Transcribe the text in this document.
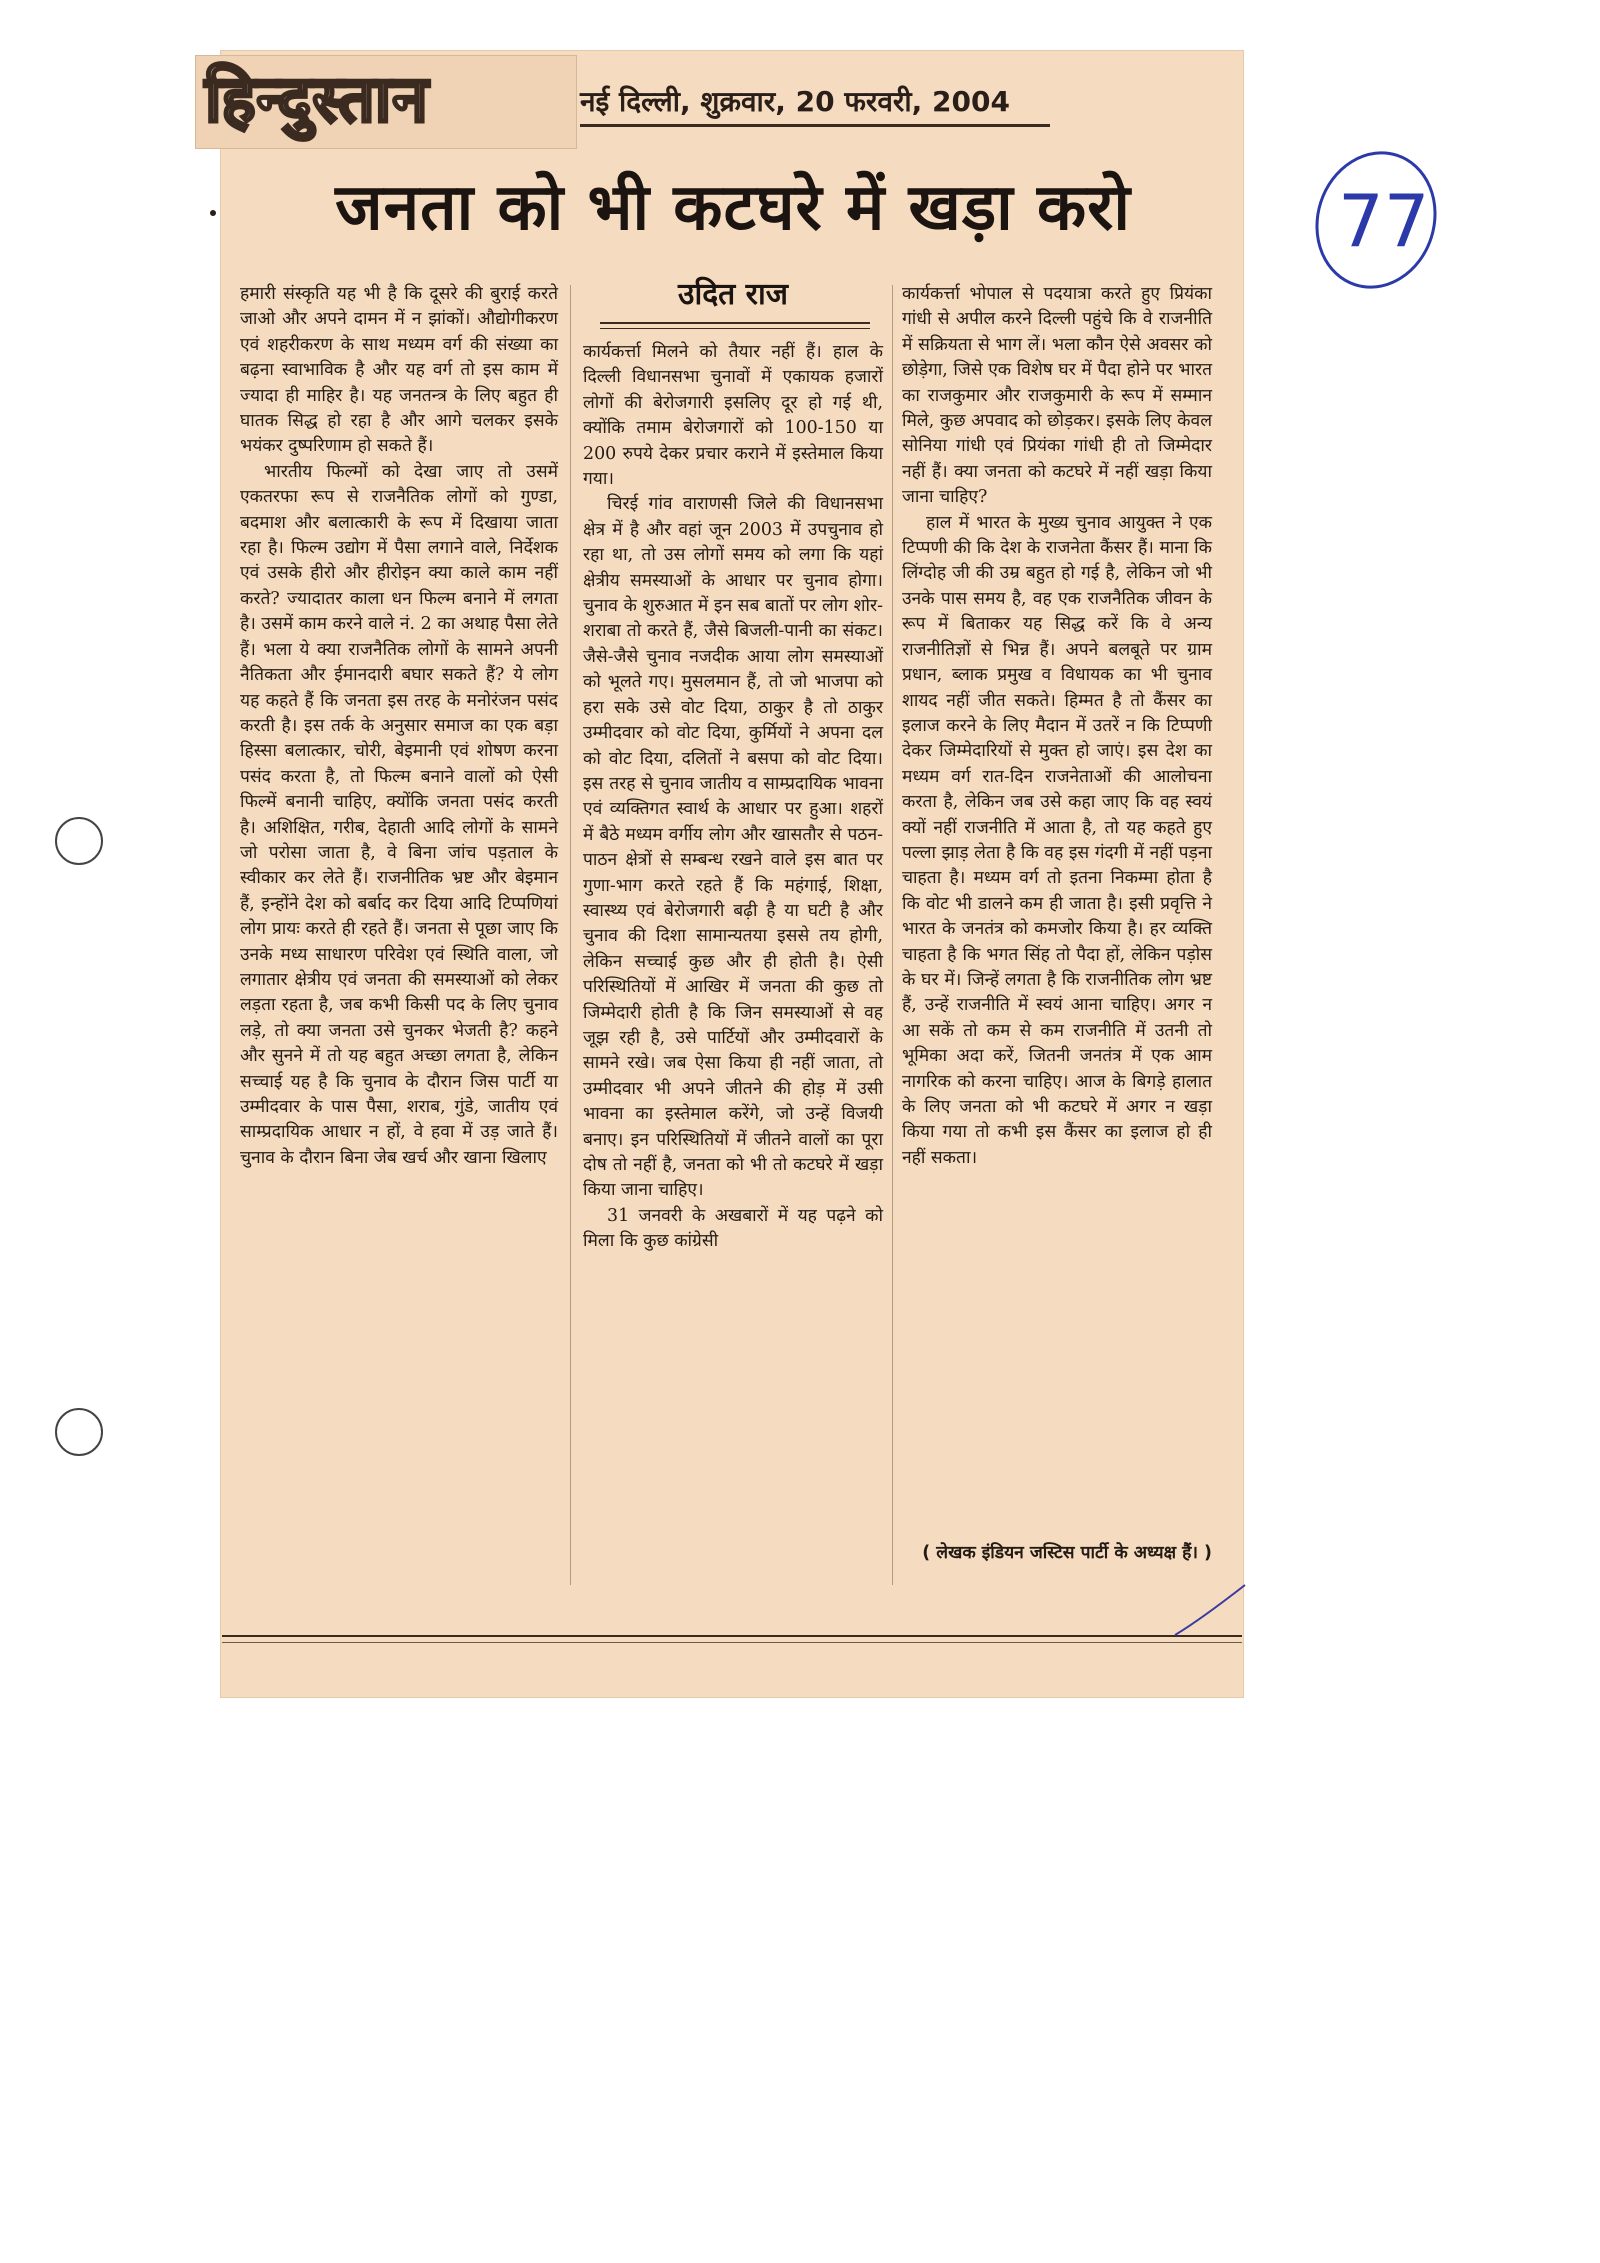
हिन्दुस्तान	नई दिल्ली, शुक्रवार, 20 फरवरी, 2004
जनता को भी कटघरे में खड़ा करो

हमारी संस्कृति यह भी है कि दूसरे की बुराई करते जाओ और अपने दामन में न झांकों। औद्योगीकरण एवं शहरीकरण के साथ मध्यम वर्ग की संख्या का बढ़ना स्वाभाविक है और यह वर्ग तो इस काम में ज्यादा ही माहिर है। यह जनतन्त्र के लिए बहुत ही घातक सिद्ध हो रहा है और आगे चलकर इसके भयंकर दुष्परिणाम हो सकते हैं।

भारतीय फिल्मों को देखा जाए तो उसमें एकतरफा रूप से राजनैतिक लोगों को गुण्डा, बदमाश और बलात्कारी के रूप में दिखाया जाता रहा है। फिल्म उद्योग में पैसा लगाने वाले, निर्देशक एवं उसके हीरो और हीरोइन क्या काले काम नहीं करते? ज्यादातर काला धन फिल्म बनाने में लगता है। उसमें काम करने वाले नं. 2 का अथाह पैसा लेते हैं। भला ये क्या राजनैतिक लोगों के सामने अपनी नैतिकता और ईमानदारी बघार सकते हैं? ये लोग यह कहते हैं कि जनता इस तरह के मनोरंजन पसंद करती है। इस तर्क के अनुसार समाज का एक बड़ा हिस्सा बलात्कार, चोरी, बेइमानी एवं शोषण करना पसंद करता है, तो फिल्म बनाने वालों को ऐसी फिल्में बनानी चाहिए, क्योंकि जनता पसंद करती है। अशिक्षित, गरीब, देहाती आदि लोगों के सामने जो परोसा जाता है, वे बिना जांच पड़ताल के स्वीकार कर लेते हैं। राजनीतिक भ्रष्ट और बेइमान हैं, इन्होंने देश को बर्बाद कर दिया आदि टिप्पणियां लोग प्रायः करते ही रहते हैं। जनता से पूछा जाए कि उनके मध्य साधारण परिवेश एवं स्थिति वाला, जो लगातार क्षेत्रीय एवं जनता की समस्याओं को लेकर लड़ता रहता है, जब कभी किसी पद के लिए चुनाव लड़े, तो क्या जनता उसे चुनकर भेजती है? कहने और सुनने में तो यह बहुत अच्छा लगता है, लेकिन सच्चाई यह है कि चुनाव के दौरान जिस पार्टी या उम्मीदवार के पास पैसा, शराब, गुंडे, जातीय एवं साम्प्रदायिक आधार न हों, वे हवा में उड़ जाते हैं। चुनाव के दौरान बिना जेब खर्च और खाना खिलाए

उदित राज

कार्यकर्त्ता मिलने को तैयार नहीं हैं। हाल के दिल्ली विधानसभा चुनावों में एकायक हजारों लोगों की बेरोजगारी इसलिए दूर हो गई थी, क्योंकि तमाम बेरोजगारों को 100-150 या 200 रुपये देकर प्रचार कराने में इस्तेमाल किया गया।

चिरई गांव वाराणसी जिले की विधानसभा क्षेत्र में है और वहां जून 2003 में उपचुनाव हो रहा था, तो उस लोगों समय को लगा कि यहां क्षेत्रीय समस्याओं के आधार पर चुनाव होगा। चुनाव के शुरुआत में इन सब बातों पर लोग शोर-शराबा तो करते हैं, जैसे बिजली-पानी का संकट। जैसे-जैसे चुनाव नजदीक आया लोग समस्याओं को भूलते गए। मुसलमान हैं, तो जो भाजपा को हरा सके उसे वोट दिया, ठाकुर है तो ठाकुर उम्मीदवार को वोट दिया, कुर्मियों ने अपना दल को वोट दिया, दलितों ने बसपा को वोट दिया। इस तरह से चुनाव जातीय व साम्प्रदायिक भावना एवं व्यक्तिगत स्वार्थ के आधार पर हुआ। शहरों में बैठे मध्यम वर्गीय लोग और खासतौर से पठन-पाठन क्षेत्रों से सम्बन्ध रखने वाले इस बात पर गुणा-भाग करते रहते हैं कि महंगाई, शिक्षा, स्वास्थ्य एवं बेरोजगारी बढ़ी है या घटी है और चुनाव की दिशा सामान्यतया इससे तय होगी, लेकिन सच्चाई कुछ और ही होती है। ऐसी परिस्थितियों में आखिर में जनता की कुछ तो जिम्मेदारी होती है कि जिन समस्याओं से वह जूझ रही है, उसे पार्टियों और उम्मीदवारों के सामने रखे। जब ऐसा किया ही नहीं जाता, तो उम्मीदवार भी अपने जीतने की होड़ में उसी भावना का इस्तेमाल करेंगे, जो उन्हें विजयी बनाए। इन परिस्थितियों में जीतने वालों का पूरा दोष तो नहीं है, जनता को भी तो कटघरे में खड़ा किया जाना चाहिए।

31 जनवरी के अखबारों में यह पढ़ने को मिला कि कुछ कांग्रेसी

कार्यकर्त्ता भोपाल से पदयात्रा करते हुए प्रियंका गांधी से अपील करने दिल्ली पहुंचे कि वे राजनीति में सक्रियता से भाग लें। भला कौन ऐसे अवसर को छोड़ेगा, जिसे एक विशेष घर में पैदा होने पर भारत का राजकुमार और राजकुमारी के रूप में सम्मान मिले, कुछ अपवाद को छोड़कर। इसके लिए केवल सोनिया गांधी एवं प्रियंका गांधी ही तो जिम्मेदार नहीं हैं। क्या जनता को कटघरे में नहीं खड़ा किया जाना चाहिए?

हाल में भारत के मुख्य चुनाव आयुक्त ने एक टिप्पणी की कि देश के राजनेता कैंसर हैं। माना कि लिंग्दोह जी की उम्र बहुत हो गई है, लेकिन जो भी उनके पास समय है, वह एक राजनैतिक जीवन के रूप में बिताकर यह सिद्ध करें कि वे अन्य राजनीतिज्ञों से भिन्न हैं। अपने बलबूते पर ग्राम प्रधान, ब्लाक प्रमुख व विधायक का भी चुनाव शायद नहीं जीत सकते। हिम्मत है तो कैंसर का इलाज करने के लिए मैदान में उतरें न कि टिप्पणी देकर जिम्मेदारियों से मुक्त हो जाएं। इस देश का मध्यम वर्ग रात-दिन राजनेताओं की आलोचना करता है, लेकिन जब उसे कहा जाए कि वह स्वयं क्यों नहीं राजनीति में आता है, तो यह कहते हुए पल्ला झाड़ लेता है कि वह इस गंदगी में नहीं पड़ना चाहता है। मध्यम वर्ग तो इतना निकम्मा होता है कि वोट भी डालने कम ही जाता है। इसी प्रवृत्ति ने भारत के जनतंत्र को कमजोर किया है। हर व्यक्ति चाहता है कि भगत सिंह तो पैदा हों, लेकिन पड़ोस के घर में। जिन्हें लगता है कि राजनीतिक लोग भ्रष्ट हैं, उन्हें राजनीति में स्वयं आना चाहिए। अगर न आ सकें तो कम से कम राजनीति में उतनी तो भूमिका अदा करें, जितनी जनतंत्र में एक आम नागरिक को करना चाहिए। आज के बिगड़े हालात के लिए जनता को भी कटघरे में अगर न खड़ा किया गया तो कभी इस कैंसर का इलाज हो ही नहीं सकता।

( लेखक इंडियन जस्टिस पार्टी के अध्यक्ष हैं। )
77
